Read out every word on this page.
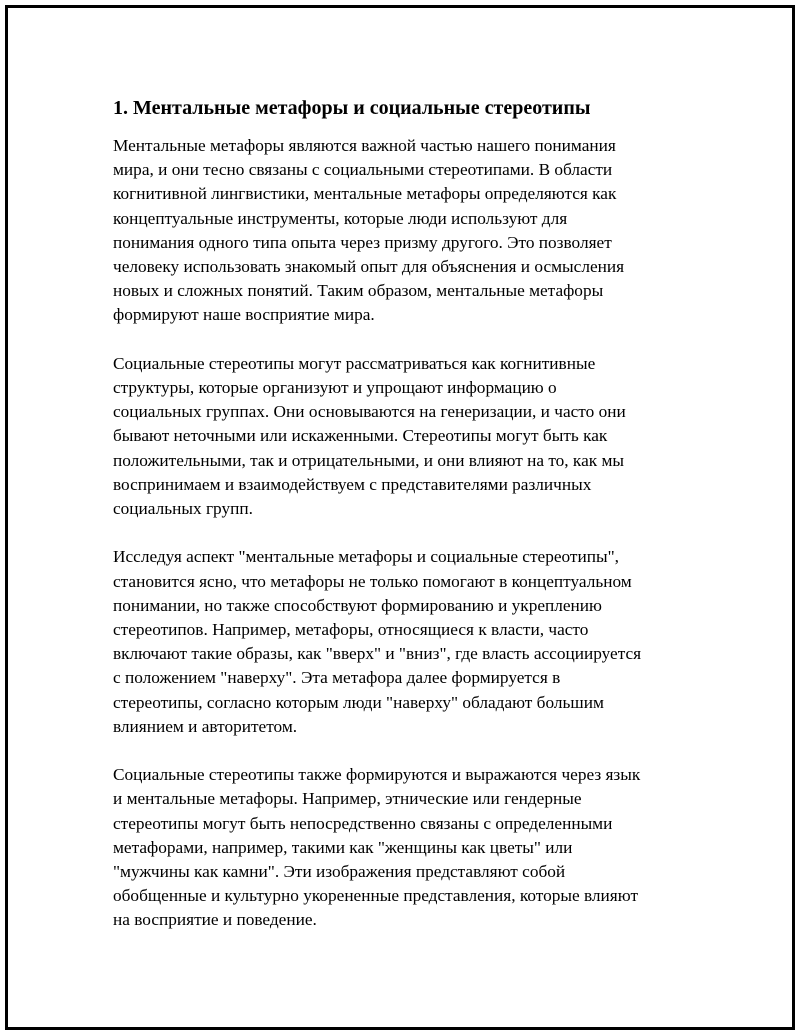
1. Ментальные метафоры и социальные стереотипы
Ментальные метафоры являются важной частью нашего понимания
мира, и они тесно связаны с социальными стереотипами. В области
когнитивной лингвистики, ментальные метафоры определяются как
концептуальные инструменты, которые люди используют для
понимания одного типа опыта через призму другого. Это позволяет
человеку использовать знакомый опыт для объяснения и осмысления
новых и сложных понятий. Таким образом, ментальные метафоры
формируют наше восприятие мира.
Социальные стереотипы могут рассматриваться как когнитивные
структуры, которые организуют и упрощают информацию о
социальных группах. Они основываются на генеризации, и часто они
бывают неточными или искаженными. Стереотипы могут быть как
положительными, так и отрицательными, и они влияют на то, как мы
воспринимаем и взаимодействуем с представителями различных
социальных групп.
Исследуя аспект "ментальные метафоры и социальные стереотипы",
становится ясно, что метафоры не только помогают в концептуальном
понимании, но также способствуют формированию и укреплению
стереотипов. Например, метафоры, относящиеся к власти, часто
включают такие образы, как "вверх" и "вниз", где власть ассоциируется
с положением "наверху". Эта метафора далее формируется в
стереотипы, согласно которым люди "наверху" обладают большим
влиянием и авторитетом.
Социальные стереотипы также формируются и выражаются через язык
и ментальные метафоры. Например, этнические или гендерные
стереотипы могут быть непосредственно связаны с определенными
метафорами, например, такими как "женщины как цветы" или
"мужчины как камни". Эти изображения представляют собой
обобщенные и культурно укорененные представления, которые влияют
на восприятие и поведение.
